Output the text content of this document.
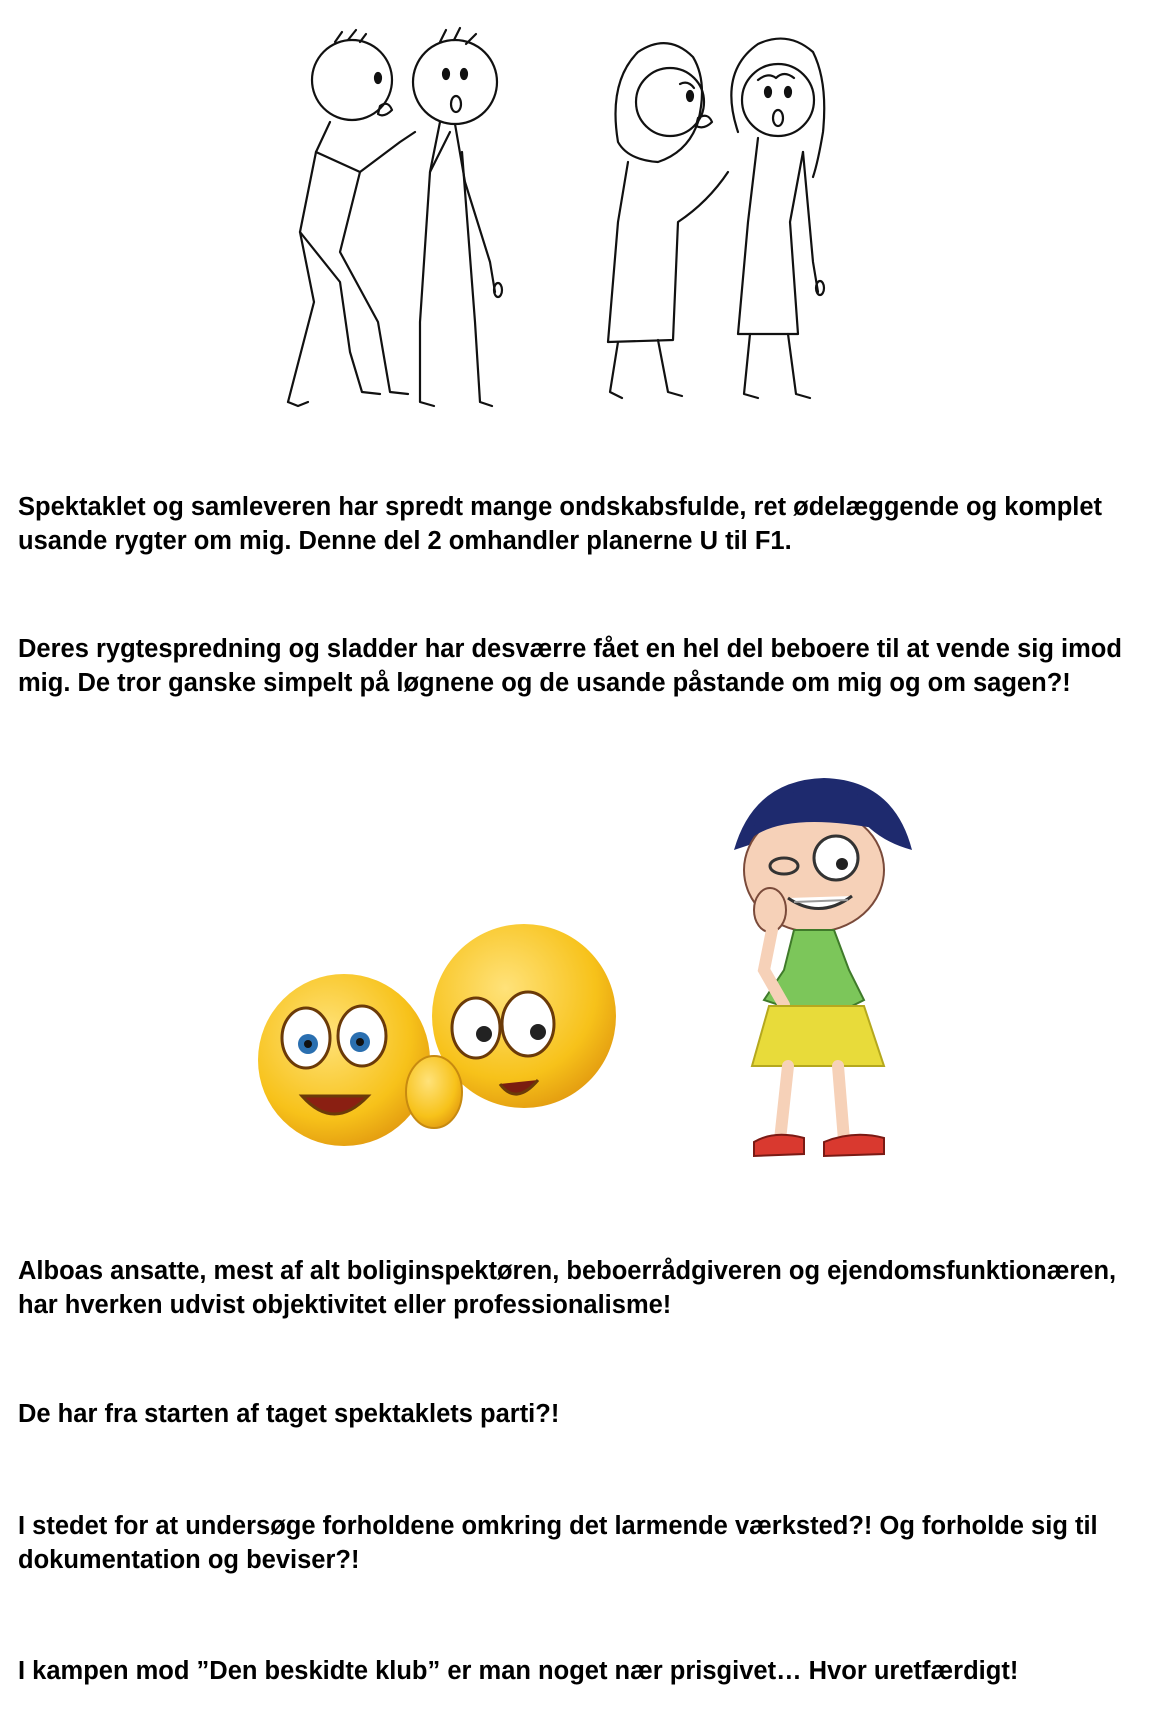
Spektaklet og samleveren har spredt mange ondskabsfulde, ret ødelæggende og komplet usande rygter om mig. Denne del 2 omhandler planerne U til F1.

Deres rygtespredning og sladder har desværre fået en hel del beboere til at vende sig imod mig. De tror ganske simpelt på løgnene og de usande påstande om mig og om sagen?!

Alboas ansatte, mest af alt boliginspektøren, beboerrådgiveren og ejendomsfunktionæren, har hverken udvist objektivitet eller professionalisme!

De har fra starten af taget spektaklets parti?!

I stedet for at undersøge forholdene omkring det larmende værksted?! Og forholde sig til dokumentation og beviser?!

I kampen mod ”Den beskidte klub” er man noget nær prisgivet… Hvor uretfærdigt!
